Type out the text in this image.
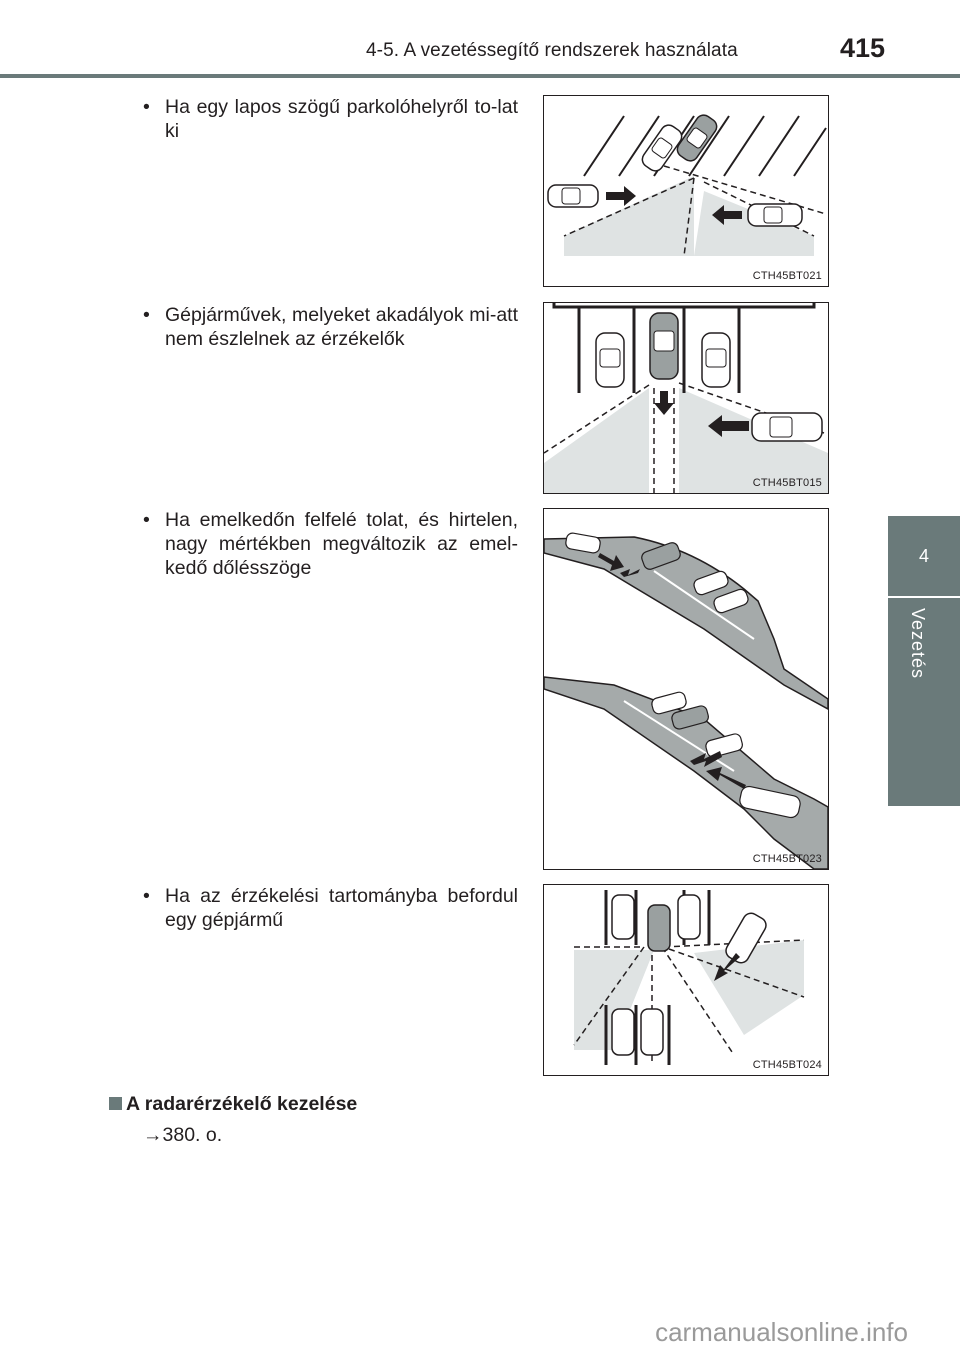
4-5. A vezetéssegítő rendszerek használata	415
4
Vezetés
• Ha egy lapos szögű parkolóhelyről to-lat ki
CTH45BT021
• Gépjárművek, melyeket akadályok mi-att nem észlelnek az érzékelők
CTH45BT015
• Ha emelkedőn felfelé tolat, és hirtelen, nagy mértékben megváltozik az emel-kedő dőlésszöge
CTH45BT023
• Ha az érzékelési tartományba befordul egy gépjármű
CTH45BT024
A radarérzékelő kezelése
→380. o.
carmanualsonline.info
